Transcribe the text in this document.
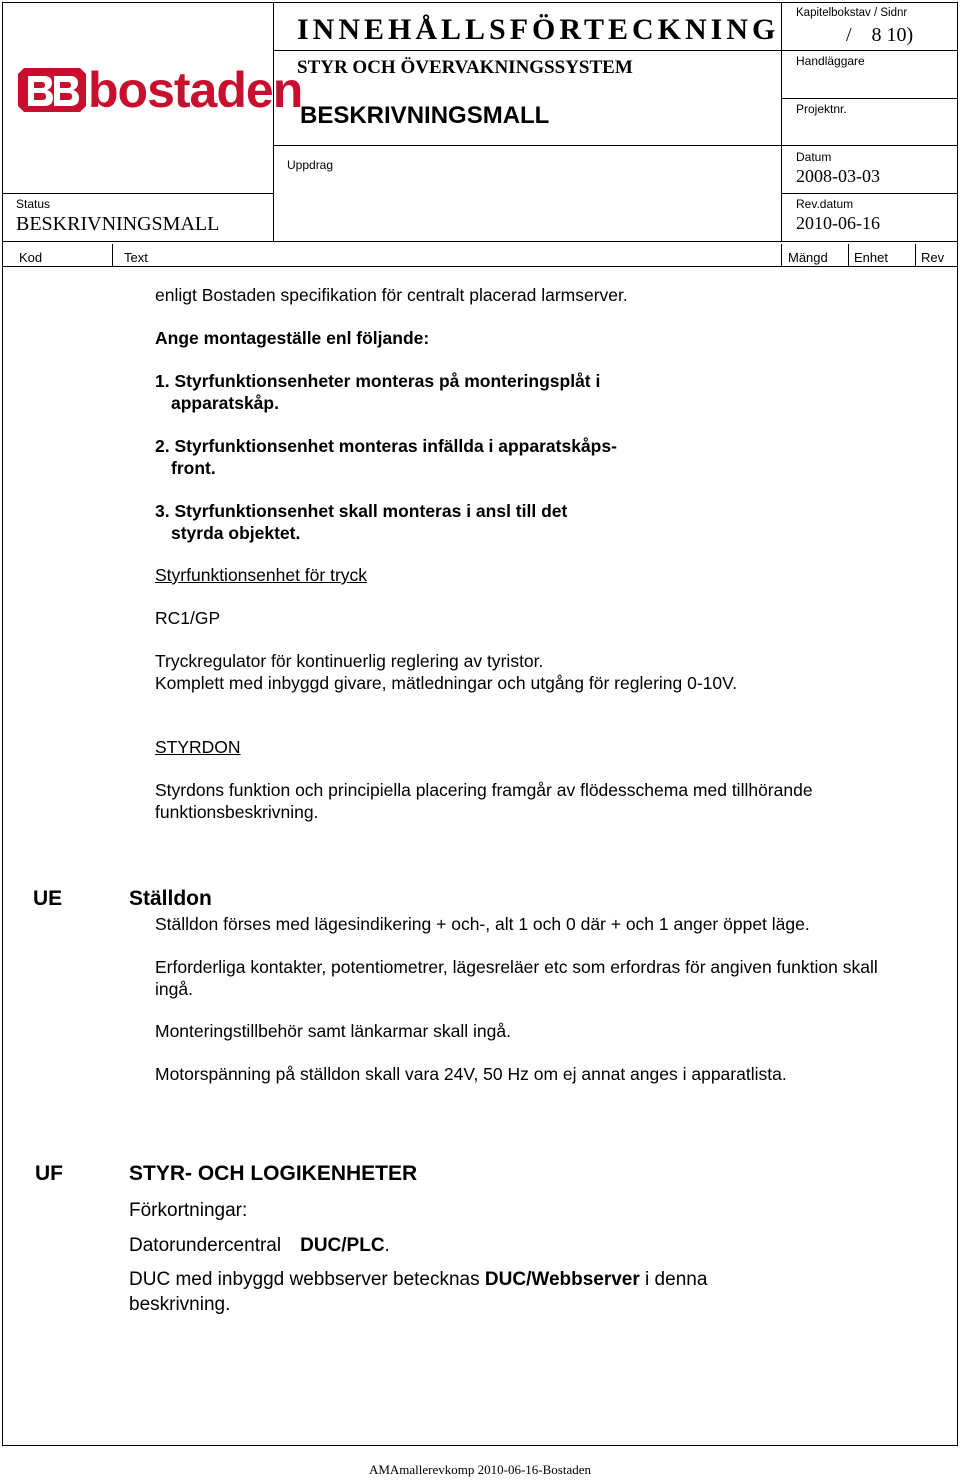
bostaden
INNEHÅLLSFÖRTECKNING
STYR OCH ÖVERVAKNINGSSYSTEM
BESKRIVNINGSMALL
Uppdrag
Status
BESKRIVNINGSMALL
Kapitelbokstav / Sidnr
/    8 10)
Handläggare
Projektnr.
Datum
2008-03-03
Rev.datum
2010-06-16
Kod	Text	Mängd Enhet	Rev
enligt Bostaden specifikation för centralt placerad larmserver.
Ange montageställe enl följande:
1. Styrfunktionsenheter monteras på monteringsplåt i
apparatskåp.
2. Styrfunktionsenhet monteras infällda i apparatskåps-
front.
3. Styrfunktionsenhet skall monteras i ansl till det
styrda objektet.
Styrfunktionsenhet för tryck
RC1/GP
Tryckregulator för kontinuerlig reglering av tyristor.
Komplett med inbyggd givare, mätledningar och utgång för reglering 0-10V.
STYRDON
Styrdons funktion och principiella placering framgår av flödesschema med tillhörande
funktionsbeskrivning.
UE	Ställdon
Ställdon förses med lägesindikering + och-, alt 1 och 0 där + och 1 anger öppet läge.
Erforderliga kontakter, potentiometrer, lägesreläer etc som erfordras för angiven funktion skall
ingå.
Monteringstillbehör samt länkarmar skall ingå.
Motorspänning på ställdon skall vara 24V, 50 Hz om ej annat anges i apparatlista.
UF	STYR- OCH LOGIKENHETER
Förkortningar:
Datorundercentral DUC/PLC.
DUC med inbyggd webbserver betecknas DUC/Webbserver i denna
beskrivning.
AMAmallerevkomp 2010-06-16-Bostaden
